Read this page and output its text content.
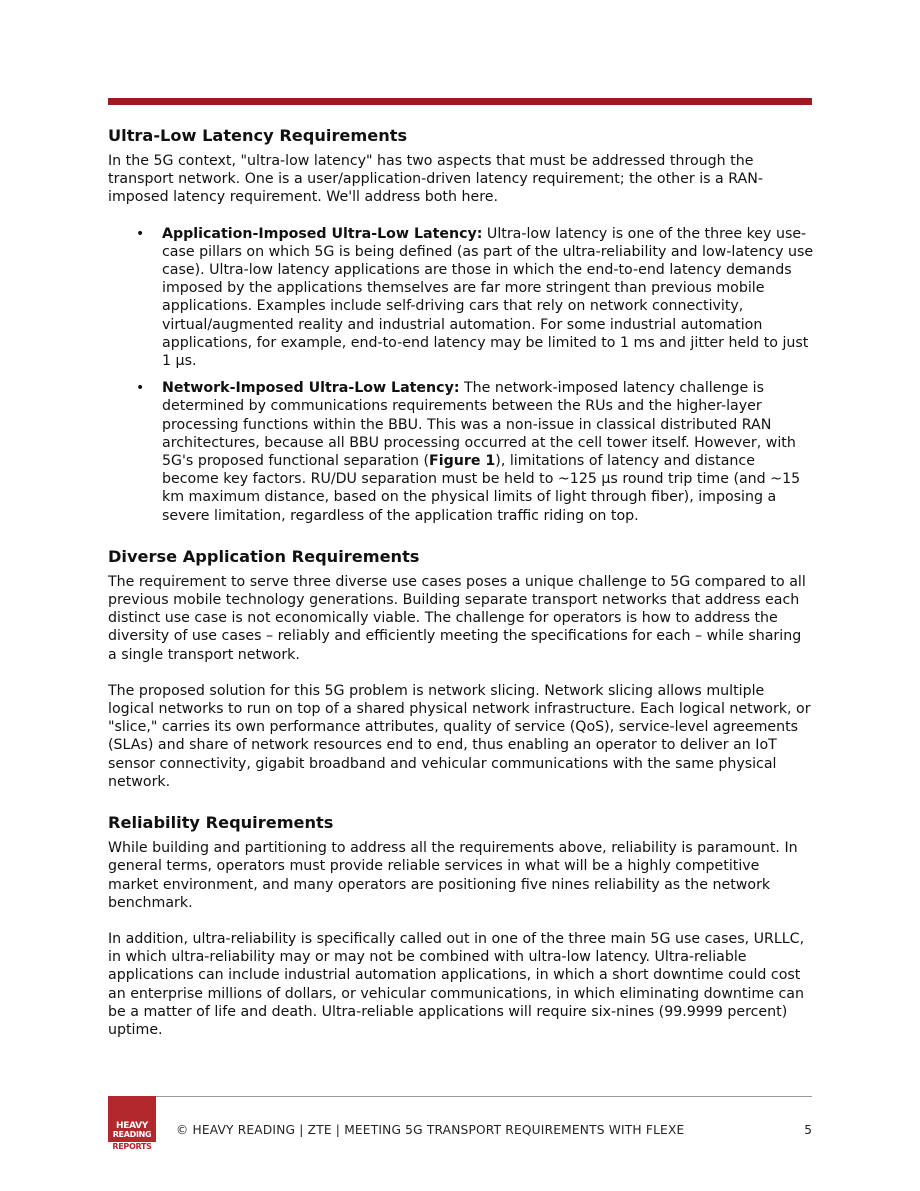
Ultra-Low Latency Requirements

In the 5G context, "ultra-low latency" has two aspects that must be addressed through the transport network. One is a user/application-driven latency requirement; the other is a RAN-imposed latency requirement. We'll address both here.

• Application-Imposed Ultra-Low Latency: Ultra-low latency is one of the three key use-case pillars on which 5G is being defined (as part of the ultra-reliability and low-latency use case). Ultra-low latency applications are those in which the end-to-end latency demands imposed by the applications themselves are far more stringent than previous mobile applications. Examples include self-driving cars that rely on network connectivity, virtual/augmented reality and industrial automation. For some industrial automation applications, for example, end-to-end latency may be limited to 1 ms and jitter held to just 1 µs.
• Network-Imposed Ultra-Low Latency: The network-imposed latency challenge is determined by communications requirements between the RUs and the higher-layer processing functions within the BBU. This was a non-issue in classical distributed RAN architectures, because all BBU processing occurred at the cell tower itself. However, with 5G's proposed functional separation (Figure 1), limitations of latency and distance become key factors. RU/DU separation must be held to ~125 µs round trip time (and ~15 km maximum distance, based on the physical limits of light through fiber), imposing a severe limitation, regardless of the application traffic riding on top.
Diverse Application Requirements

The requirement to serve three diverse use cases poses a unique challenge to 5G compared to all previous mobile technology generations. Building separate transport networks that address each distinct use case is not economically viable. The challenge for operators is how to address the diversity of use cases – reliably and efficiently meeting the specifications for each – while sharing a single transport network.

The proposed solution for this 5G problem is network slicing. Network slicing allows multiple logical networks to run on top of a shared physical network infrastructure. Each logical network, or "slice," carries its own performance attributes, quality of service (QoS), service-level agreements (SLAs) and share of network resources end to end, thus enabling an operator to deliver an IoT sensor connectivity, gigabit broadband and vehicular communications with the same physical network.

Reliability Requirements

While building and partitioning to address all the requirements above, reliability is paramount. In general terms, operators must provide reliable services in what will be a highly competitive market environment, and many operators are positioning five nines reliability as the network benchmark.

In addition, ultra-reliability is specifically called out in one of the three main 5G use cases, URLLC, in which ultra-reliability may or may not be combined with ultra-low latency. Ultra-reliable applications can include industrial automation applications, in which a short downtime could cost an enterprise millions of dollars, or vehicular communications, in which eliminating downtime can be a matter of life and death. Ultra-reliable applications will require six-nines (99.9999 percent) uptime.

HEAVY
READING
REPORTS
© HEAVY READING | ZTE | MEETING 5G TRANSPORT REQUIREMENTS WITH FLEXE	5
